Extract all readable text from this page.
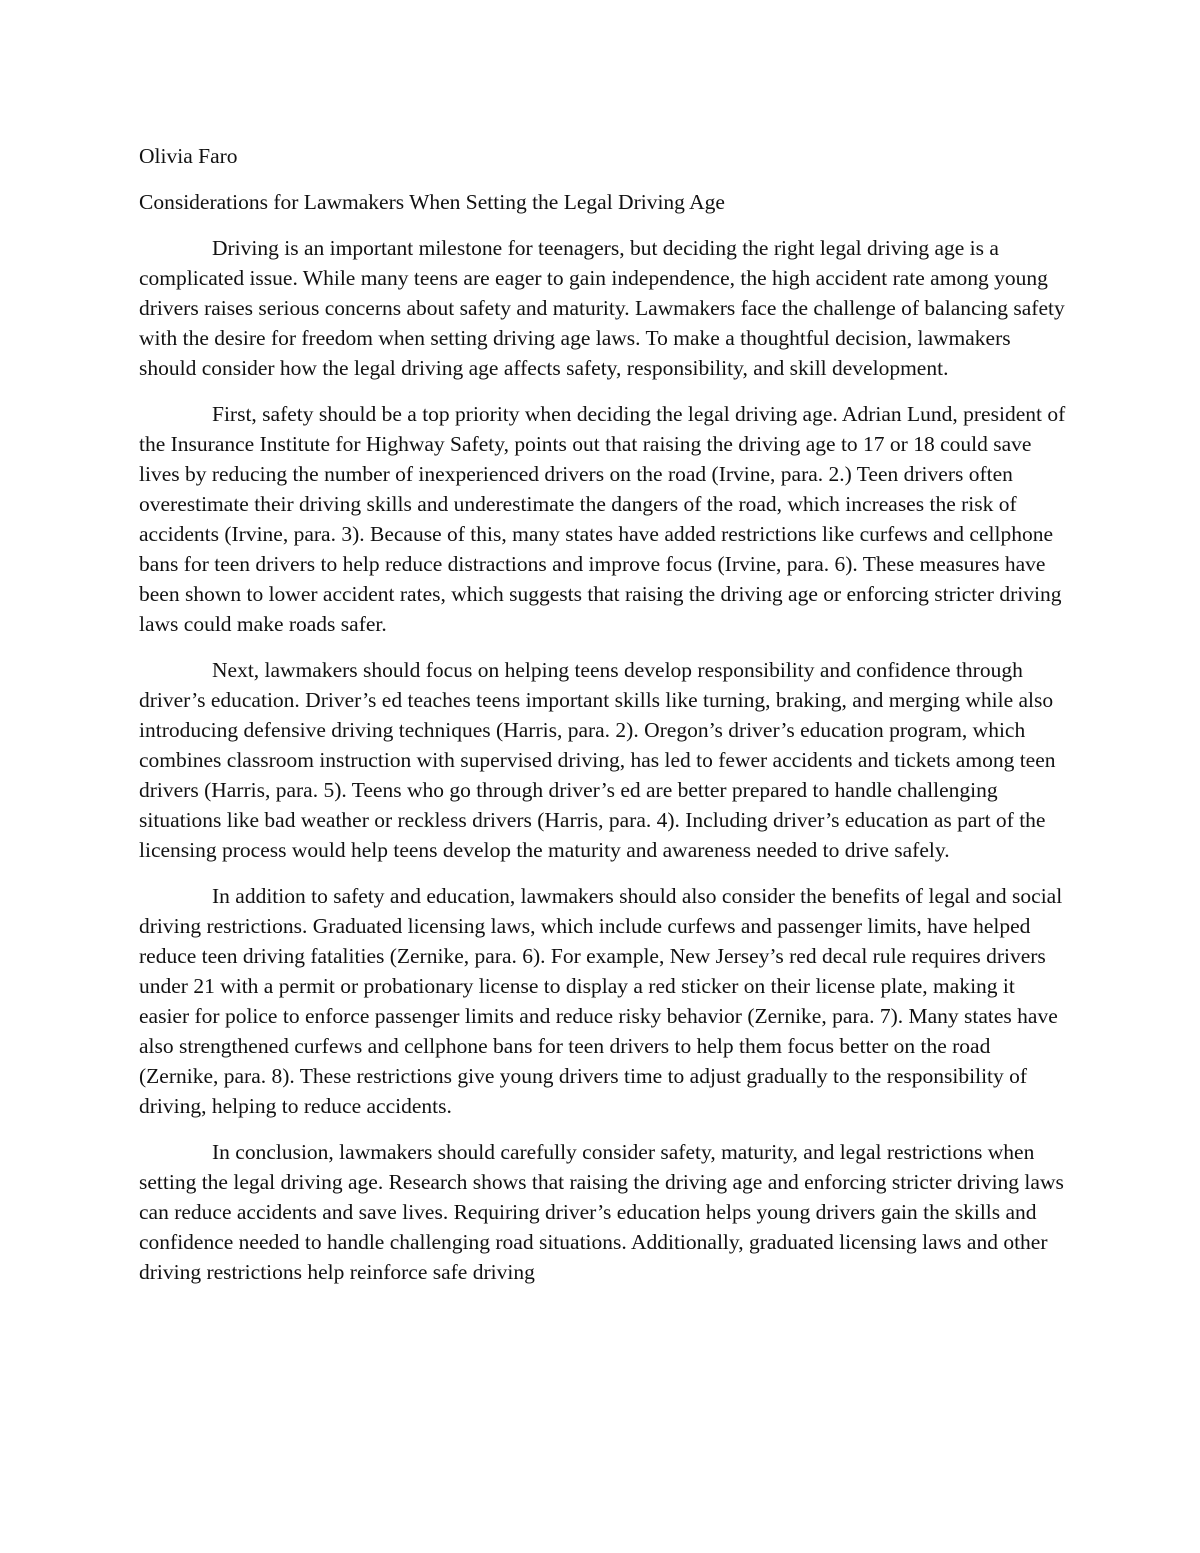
Olivia Faro

Considerations for Lawmakers When Setting the Legal Driving Age

Driving is an important milestone for teenagers, but deciding the right legal driving age is a complicated issue. While many teens are eager to gain independence, the high accident rate among young drivers raises serious concerns about safety and maturity. Lawmakers face the challenge of balancing safety with the desire for freedom when setting driving age laws. To make a thoughtful decision, lawmakers should consider how the legal driving age affects safety, responsibility, and skill development.

First, safety should be a top priority when deciding the legal driving age. Adrian Lund, president of the Insurance Institute for Highway Safety, points out that raising the driving age to 17 or 18 could save lives by reducing the number of inexperienced drivers on the road (Irvine, para. 2.) Teen drivers often overestimate their driving skills and underestimate the dangers of the road, which increases the risk of accidents (Irvine, para. 3). Because of this, many states have added restrictions like curfews and cellphone bans for teen drivers to help reduce distractions and improve focus (Irvine, para. 6). These measures have been shown to lower accident rates, which suggests that raising the driving age or enforcing stricter driving laws could make roads safer.

Next, lawmakers should focus on helping teens develop responsibility and confidence through driver’s education. Driver’s ed teaches teens important skills like turning, braking, and merging while also introducing defensive driving techniques (Harris, para. 2). Oregon’s driver’s education program, which combines classroom instruction with supervised driving, has led to fewer accidents and tickets among teen drivers (Harris, para. 5). Teens who go through driver’s ed are better prepared to handle challenging situations like bad weather or reckless drivers (Harris, para. 4). Including driver’s education as part of the licensing process would help teens develop the maturity and awareness needed to drive safely.

In addition to safety and education, lawmakers should also consider the benefits of legal and social driving restrictions. Graduated licensing laws, which include curfews and passenger limits, have helped reduce teen driving fatalities (Zernike, para. 6). For example, New Jersey’s red decal rule requires drivers under 21 with a permit or probationary license to display a red sticker on their license plate, making it easier for police to enforce passenger limits and reduce risky behavior (Zernike, para. 7). Many states have also strengthened curfews and cellphone bans for teen drivers to help them focus better on the road (Zernike, para. 8). These restrictions give young drivers time to adjust gradually to the responsibility of driving, helping to reduce accidents.

In conclusion, lawmakers should carefully consider safety, maturity, and legal restrictions when setting the legal driving age. Research shows that raising the driving age and enforcing stricter driving laws can reduce accidents and save lives. Requiring driver’s education helps young drivers gain the skills and confidence needed to handle challenging road situations. Additionally, graduated licensing laws and other driving restrictions help reinforce safe driving
